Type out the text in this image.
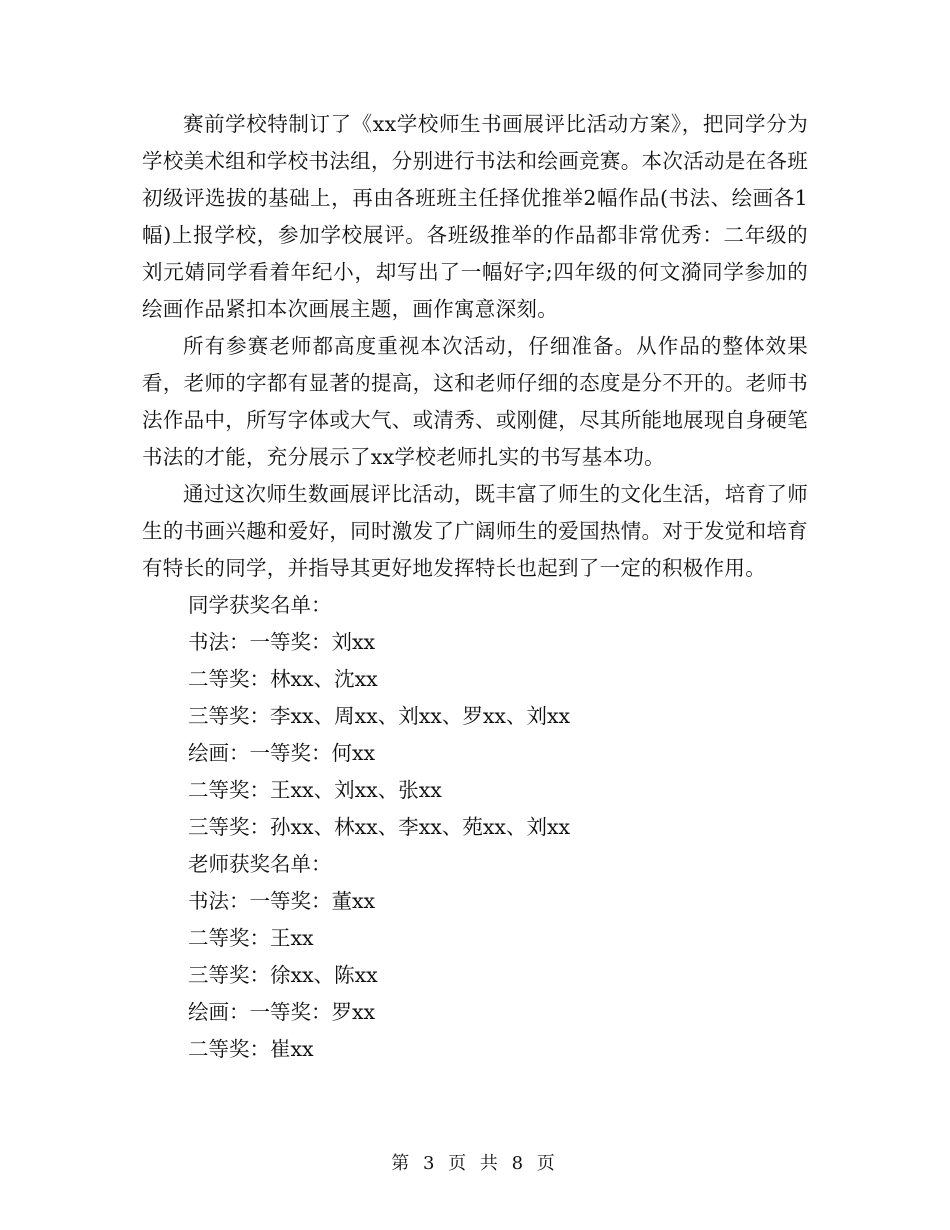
赛前学校特制订了《xx学校师生书画展评比活动方案》，把同学分为学校美术组和学校书法组，分别进行书法和绘画竞赛。本次活动是在各班初级评选拔的基础上，再由各班班主任择优推举2幅作品(书法、绘画各1幅)上报学校，参加学校展评。各班级推举的作品都非常优秀：二年级的刘元婧同学看着年纪小，却写出了一幅好字;四年级的何文漪同学参加的绘画作品紧扣本次画展主题，画作寓意深刻。

所有参赛老师都高度重视本次活动，仔细准备。从作品的整体效果看，老师的字都有显著的提高，这和老师仔细的态度是分不开的。老师书法作品中，所写字体或大气、或清秀、或刚健，尽其所能地展现自身硬笔书法的才能，充分展示了xx学校老师扎实的书写基本功。

通过这次师生数画展评比活动，既丰富了师生的文化生活，培育了师生的书画兴趣和爱好，同时激发了广阔师生的爱国热情。对于发觉和培育有特长的同学，并指导其更好地发挥特长也起到了一定的积极作用。

同学获奖名单：
书法：一等奖：刘xx
二等奖：林xx、沈xx
三等奖：李xx、周xx、刘xx、罗xx、刘xx
绘画：一等奖：何xx
二等奖：王xx、刘xx、张xx
三等奖：孙xx、林xx、李xx、苑xx、刘xx
老师获奖名单：
书法：一等奖：董xx
二等奖：王xx
三等奖：徐xx、陈xx
绘画：一等奖：罗xx
二等奖：崔xx
第 3 页 共 8 页
